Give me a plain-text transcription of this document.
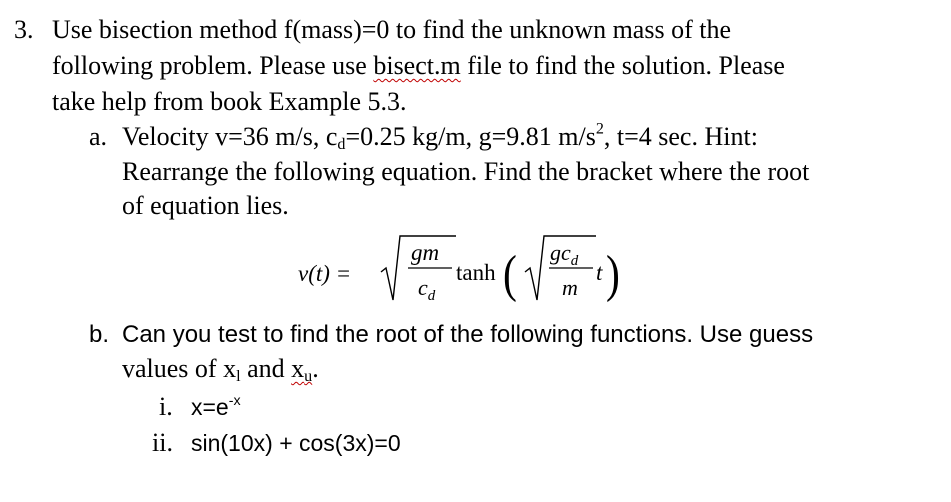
3. Use bisection method f(mass)=0 to find the unknown mass of the
following problem. Please use bisect.m file to find the solution. Please
take help from book Example 5.3.
a. Velocity v=36 m/s, $c_d=0.25$ kg/m, g=9.81 $m/s^2$, t=4 sec. Hint:
Rearrange the following equation. Find the bracket where the root
of equation lies.
v(t) =
gm
$c_d$
tanh ( $gc_d$
m
t )
b. Can you test to find the root of the following functions. Use guess
values of $x_l$ and $x_u$.
i. $x=e^{-x}$
ii. sin(10x) + cos(3x)=0
